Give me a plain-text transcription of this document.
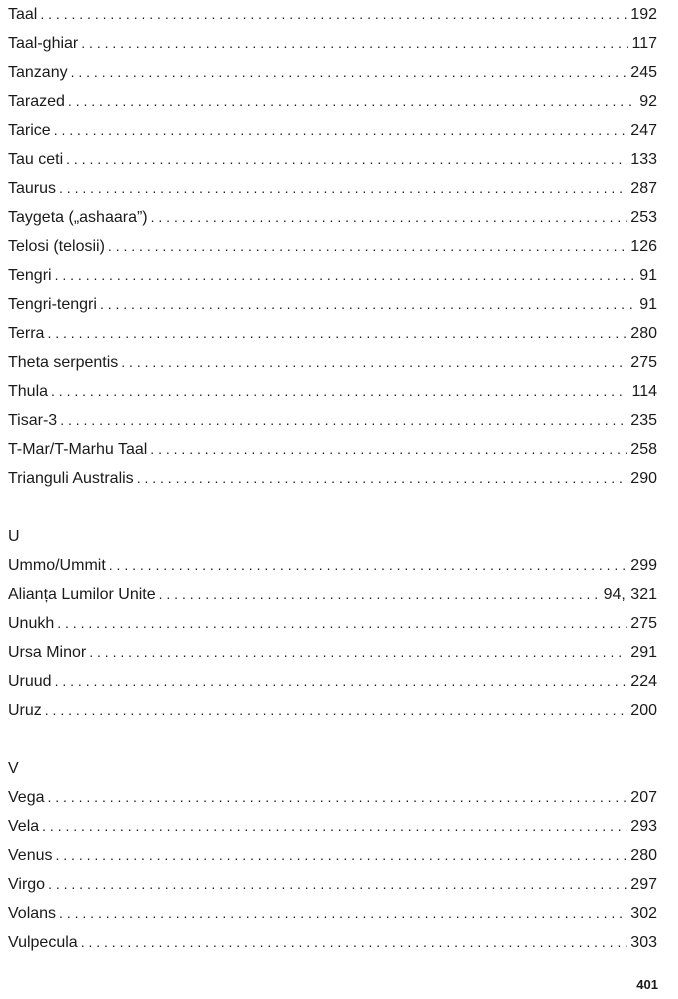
Taal . . .	192
Taal-ghiar . . .	117
Tanzany . . .	245
Tarazed . . .	92
Tarice . . .	247
Tau ceti . . .	133
Taurus . . .	287
Taygeta („ashaara”) . . .	253
Telosi (telosii) . . .	126
Tengri . . .	91
Tengri-tengri . . .	91
Terra . . .	280
Theta serpentis . . .	275
Thula . . .	114
Tisar-3 . . .	235
T-Mar/T-Marhu Taal . . .	258
Trianguli Australis . . .	290
U
Ummo/Ummit . . .	299
Alianța Lumilor Unite . . .	94, 321
Unukh . . .	275
Ursa Minor . . .	291
Uruud . . .	224
Uruz . . .	200
V
Vega . . .	207
Vela . . .	293
Venus . . .	280
Virgo . . .	297
Volans . . .	302
Vulpecula . . .	303
401
